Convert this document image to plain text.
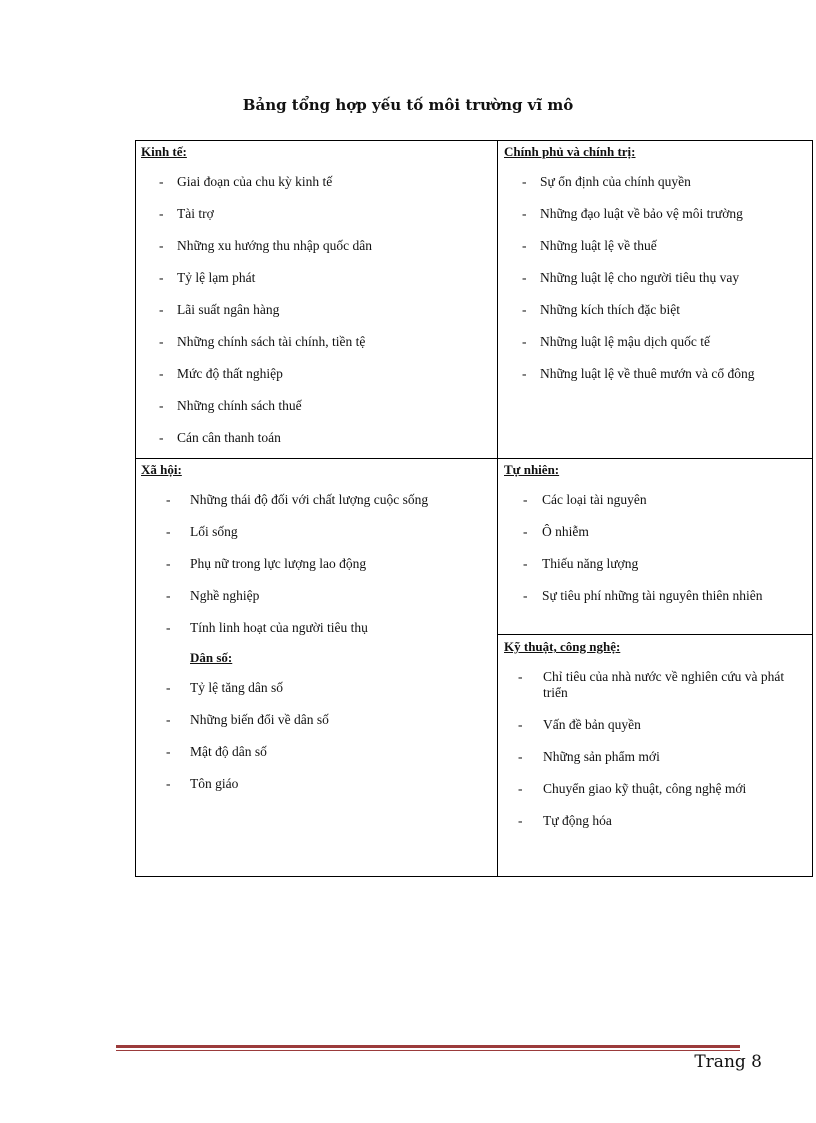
Bảng tổng hợp yếu tố môi trường vĩ mô
Kinh tế:
- Giai đoạn của chu kỳ kinh tế
- Tài trợ
- Những xu hướng thu nhập quốc dân
- Tỷ lệ lạm phát
- Lãi suất ngân hàng
- Những chính sách tài chính, tiền tệ
- Mức độ thất nghiệp
- Những chính sách thuế
- Cán cân thanh toán
Chính phủ và chính trị:
- Sự ổn định của chính quyền
- Những đạo luật về bảo vệ môi trường
- Những luật lệ về thuế
- Những luật lệ cho người tiêu thụ vay
- Những kích thích đặc biệt
- Những luật lệ mậu dịch quốc tế
- Những luật lệ về thuê mướn và cổ đông
Xã hội:
- Những thái độ đối với chất lượng cuộc sống
- Lối sống
- Phụ nữ trong lực lượng lao động
- Nghề nghiệp
- Tính linh hoạt của người tiêu thụ
Dân số:
- Tỷ lệ tăng dân số
- Những biến đổi về dân số
- Mật độ dân số
- Tôn giáo
Tự nhiên:
- Các loại tài nguyên
- Ô nhiễm
- Thiếu năng lượng
- Sự tiêu phí những tài nguyên thiên nhiên
Kỹ thuật, công nghệ:
- Chỉ tiêu của nhà nước về nghiên cứu và phát triển
- Vấn đề bản quyền
- Những sản phẩm mới
- Chuyển giao kỹ thuật, công nghệ mới
- Tự động hóa
Trang 8
